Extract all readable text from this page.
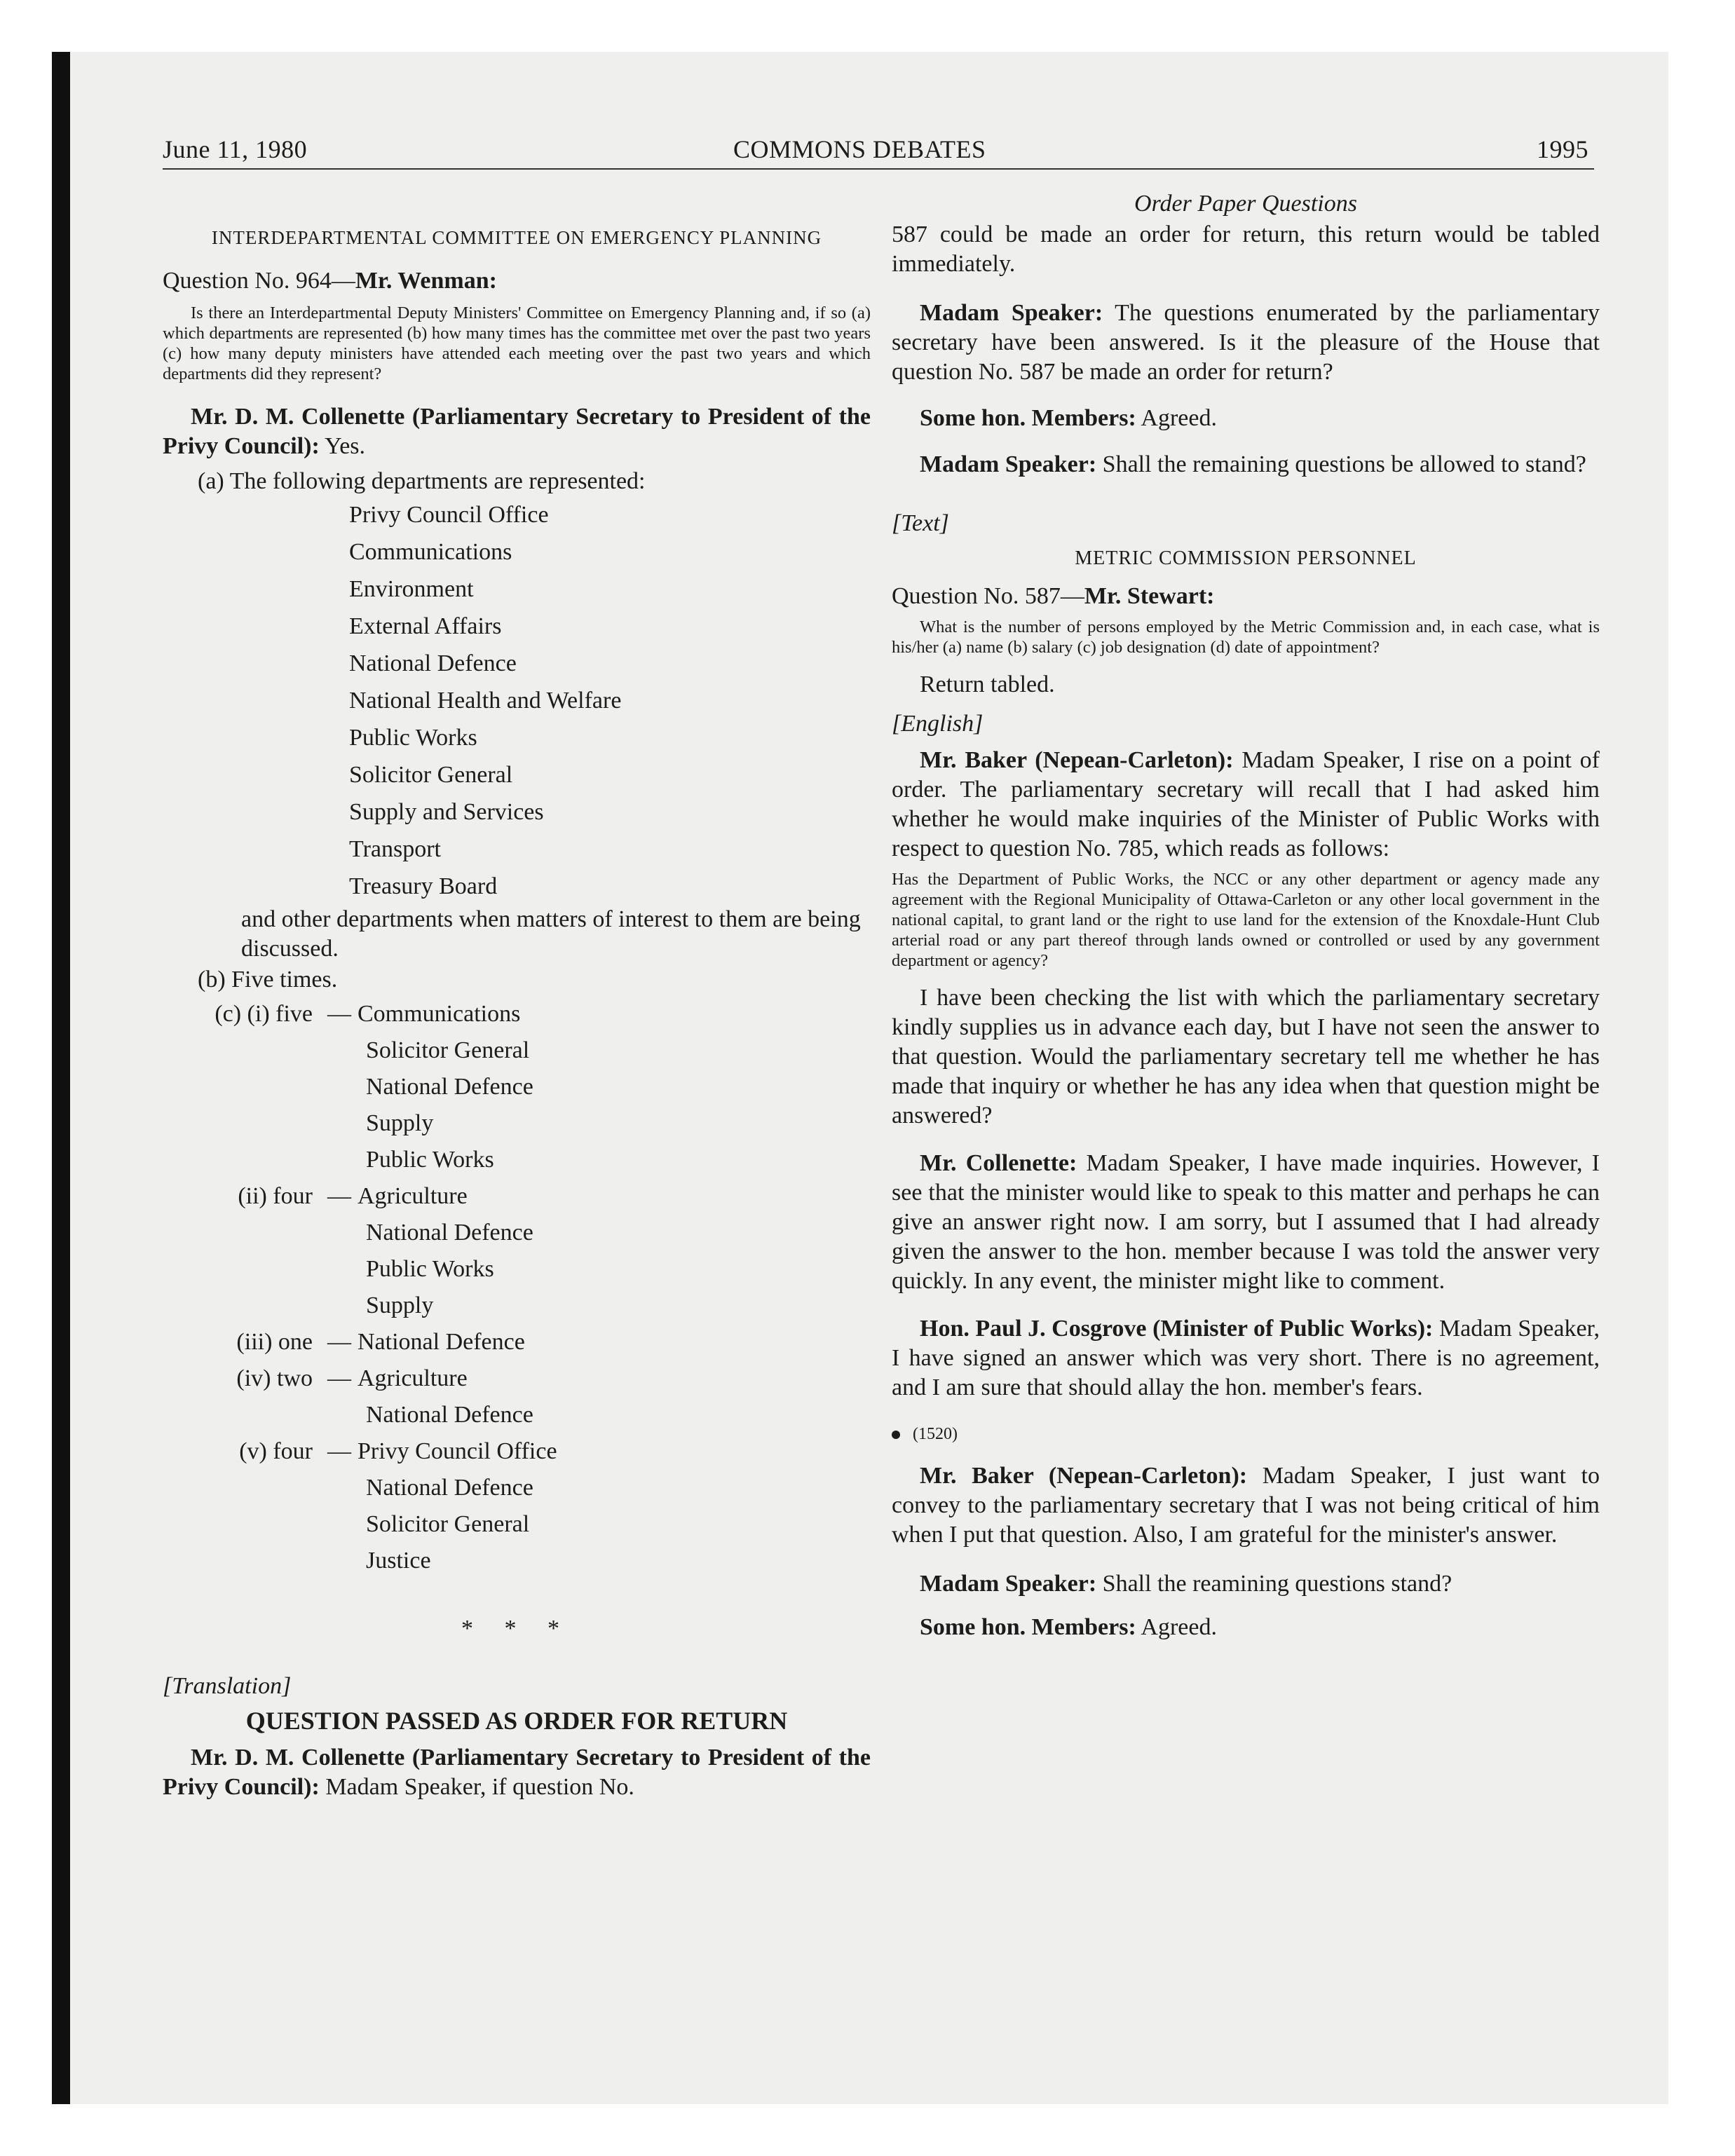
June 11, 1980	COMMONS DEBATES	1995

INTERDEPARTMENTAL COMMITTEE ON EMERGENCY PLANNING

Question No. 964—Mr. Wenman:

Is there an Interdepartmental Deputy Ministers' Committee on Emergency Planning and, if so (a) which departments are represented (b) how many times has the committee met over the past two years (c) how many deputy ministers have attended each meeting over the past two years and which departments did they represent?

Mr. D. M. Collenette (Parliamentary Secretary to President of the Privy Council): Yes.

(a) The following departments are represented:

Privy Council Office
Communications
Environment
External Affairs
National Defence
National Health and Welfare
Public Works
Solicitor General
Supply and Services
Transport
Treasury Board

and other departments when matters of interest to them are being discussed.

(b) Five times.

(c) (i) five — Communications
Solicitor General
National Defence
Supply
Public Works
(ii) four — Agriculture
National Defence
Public Works
Supply
(iii) one — National Defence
(iv) two — Agriculture
National Defence
(v) four — Privy Council Office
National Defence
Solicitor General
Justice

* * *

[Translation]

QUESTION PASSED AS ORDER FOR RETURN

Mr. D. M. Collenette (Parliamentary Secretary to President of the Privy Council): Madam Speaker, if question No.

Order Paper Questions

587 could be made an order for return, this return would be tabled immediately.

Madam Speaker: The questions enumerated by the parliamentary secretary have been answered. Is it the pleasure of the House that question No. 587 be made an order for return?

Some hon. Members: Agreed.

Madam Speaker: Shall the remaining questions be allowed to stand?

[Text]

METRIC COMMISSION PERSONNEL

Question No. 587—Mr. Stewart:

What is the number of persons employed by the Metric Commission and, in each case, what is his/her (a) name (b) salary (c) job designation (d) date of appointment?

Return tabled.

[English]

Mr. Baker (Nepean-Carleton): Madam Speaker, I rise on a point of order. The parliamentary secretary will recall that I had asked him whether he would make inquiries of the Minister of Public Works with respect to question No. 785, which reads as follows:

Has the Department of Public Works, the NCC or any other department or agency made any agreement with the Regional Municipality of Ottawa-Carleton or any other local government in the national capital, to grant land or the right to use land for the extension of the Knoxdale-Hunt Club arterial road or any part thereof through lands owned or controlled or used by any government department or agency?

I have been checking the list with which the parliamentary secretary kindly supplies us in advance each day, but I have not seen the answer to that question. Would the parliamentary secretary tell me whether he has made that inquiry or whether he has any idea when that question might be answered?

Mr. Collenette: Madam Speaker, I have made inquiries. However, I see that the minister would like to speak to this matter and perhaps he can give an answer right now. I am sorry, but I assumed that I had already given the answer to the hon. member because I was told the answer very quickly. In any event, the minister might like to comment.

Hon. Paul J. Cosgrove (Minister of Public Works): Madam Speaker, I have signed an answer which was very short. There is no agreement, and I am sure that should allay the hon. member's fears.

(1520)

Mr. Baker (Nepean-Carleton): Madam Speaker, I just want to convey to the parliamentary secretary that I was not being critical of him when I put that question. Also, I am grateful for the minister's answer.

Madam Speaker: Shall the reamining questions stand?

Some hon. Members: Agreed.
